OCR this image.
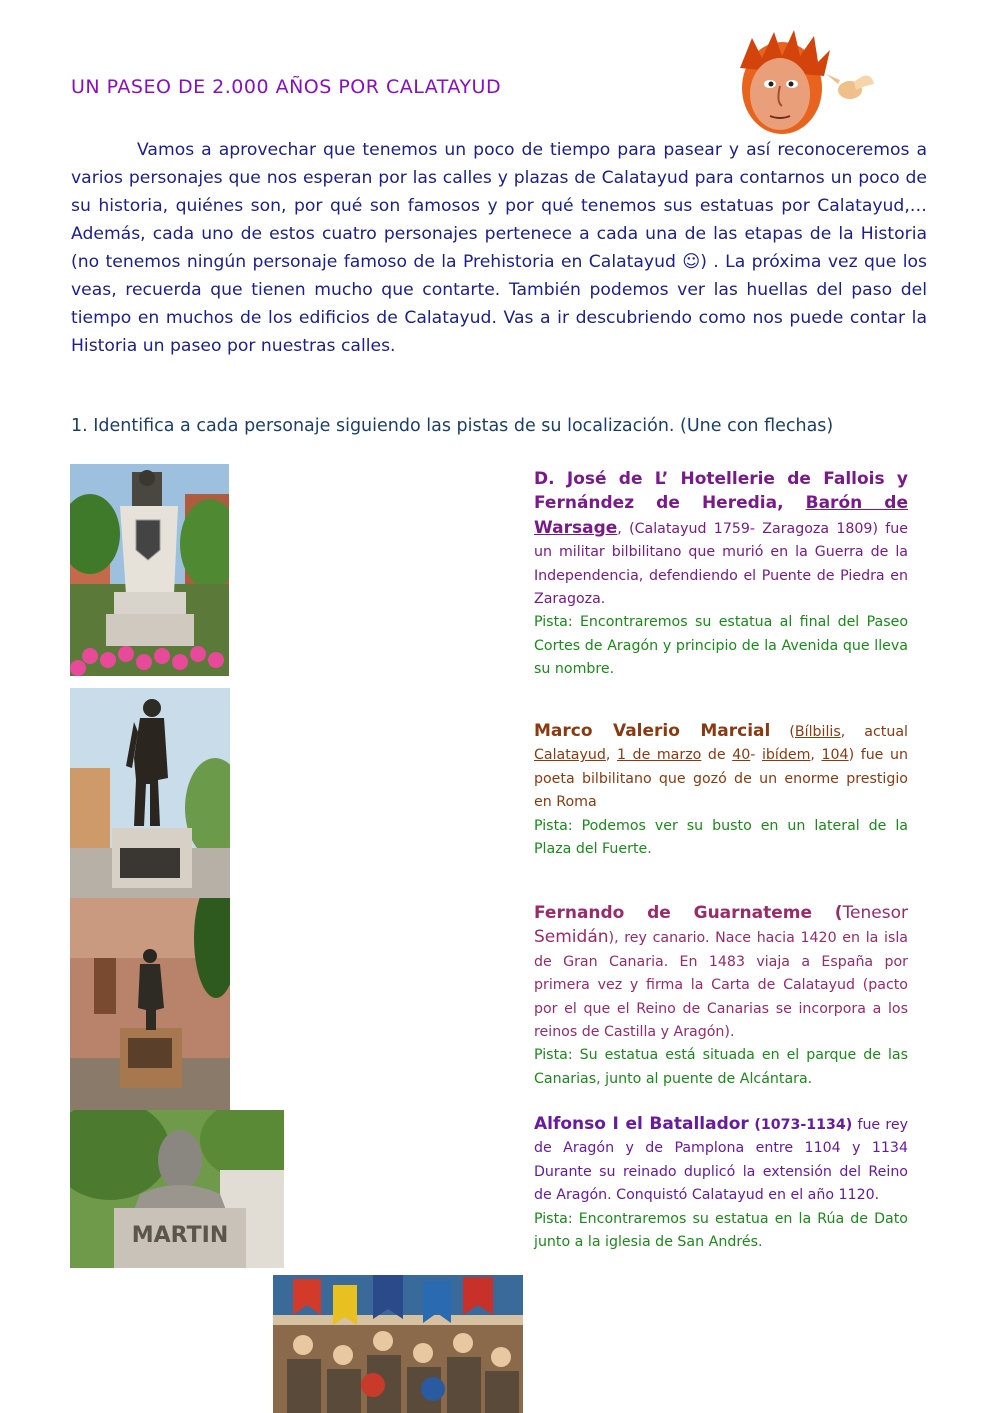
UN PASEO DE 2.000 AÑOS POR CALATAYUD
Vamos a aprovechar que tenemos un poco de tiempo para pasear y así reconoceremos a varios personajes que nos esperan por las calles y plazas de Calatayud para contarnos un poco de su historia, quiénes son, por qué son famosos y por qué tenemos sus estatuas por Calatayud,… Además, cada uno de estos cuatro personajes pertenece a cada una de las etapas de la Historia (no tenemos ningún personaje famoso de la Prehistoria en Calatayud ☺) . La próxima vez que los veas, recuerda que tienen mucho que contarte. También podemos ver las huellas del paso del tiempo en muchos de los edificios de Calatayud. Vas a ir descubriendo como nos puede contar la Historia un paseo por nuestras calles.
1. Identifica a cada personaje siguiendo las pistas de su localización. (Une con flechas)
MARTIN
D. José de L’ Hotellerie de Fallois y Fernández de Heredia, Barón de Warsage, (Calatayud 1759- Zaragoza 1809) fue un militar bilbilitano que murió en la Guerra de la Independencia, defendiendo el Puente de Piedra en Zaragoza.
Pista: Encontraremos su estatua al final del Paseo Cortes de Aragón y principio de la Avenida que lleva su nombre.
Marco Valerio Marcial (Bílbilis, actual Calatayud, 1 de marzo de 40- ibídem, 104) fue un poeta bilbilitano que gozó de un enorme prestigio en Roma
Pista: Podemos ver su busto en un lateral de la Plaza del Fuerte.
Fernando de Guarnateme (Tenesor Semidán), rey canario. Nace hacia 1420 en la isla de Gran Canaria. En 1483 viaja a España por primera vez y firma la Carta de Calatayud (pacto por el que el Reino de Canarias se incorpora a los reinos de Castilla y Aragón).
Pista: Su estatua está situada en el parque de las Canarias, junto al puente de Alcántara.
Alfonso I el Batallador (1073-1134) fue rey de Aragón y de Pamplona entre 1104 y 1134 Durante su reinado duplicó la extensión del Reino de Aragón. Conquistó Calatayud en el año 1120.
Pista: Encontraremos su estatua en la Rúa de Dato junto a la iglesia de San Andrés.
